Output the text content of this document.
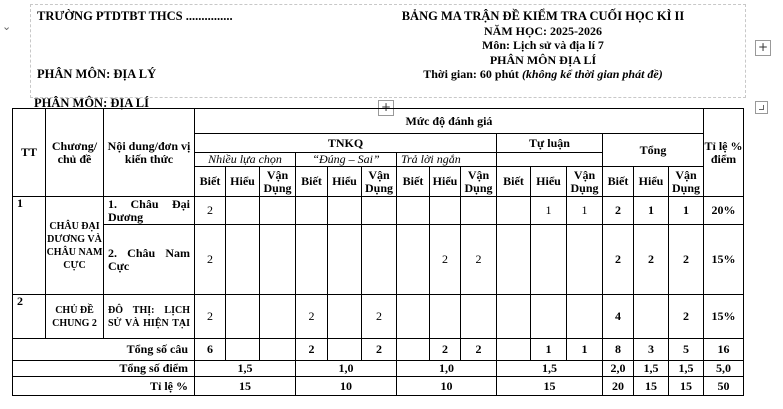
⌄
TRƯỜNG PTDTBT THCS ...............
PHÂN MÔN: ĐỊA LÝ
BẢNG MA TRẬN ĐỀ KIỂM TRA CUỐI HỌC KÌ II
NĂM HỌC: 2025-2026
Môn: Lịch sử và địa lí 7
PHÂN MÔN ĐỊA LÍ
Thời gian: 60 phút (không kể thời gian phát đề)
+
+
PHÂN MÔN: ĐỊA LÍ
TT	Chương/ chủ đề	Nội dung/đơn vị kiến thức	Mức độ đánh giá															Tỉ lệ % điểm
			TNKQ									Tự luận			Tổng			
			Nhiều lựa chọn			“Đúng – Sai”			Trả lời ngắn									
			Biết	Hiểu	Vận Dụng	Biết	Hiểu	Vận Dụng	Biết	Hiểu	Vận Dụng	Biết	Hiểu	Vận Dụng	Biết	Hiểu	Vận Dụng	
1	CHÂU ĐẠI DƯƠNG VÀ CHÂU NAM CỰC	1. Châu Đại Dương	2										1	1	2	1	1	20%
		2. Châu Nam Cực	2							2	2				2	2	2	15%
2	CHỦ ĐỀ CHUNG 2	ĐÔ THỊ: LỊCH SỬ VÀ HIỆN TẠI	2			2		2							4		2	15%
Tổng số câu			6			2		2		2	2		1	1	8	3	5	16
Tổng số điểm			1,5			1,0			1,0			1,5			2,0	1,5	1,5	5,0
Tỉ lệ %			15			10			10			15			20	15	15	50
